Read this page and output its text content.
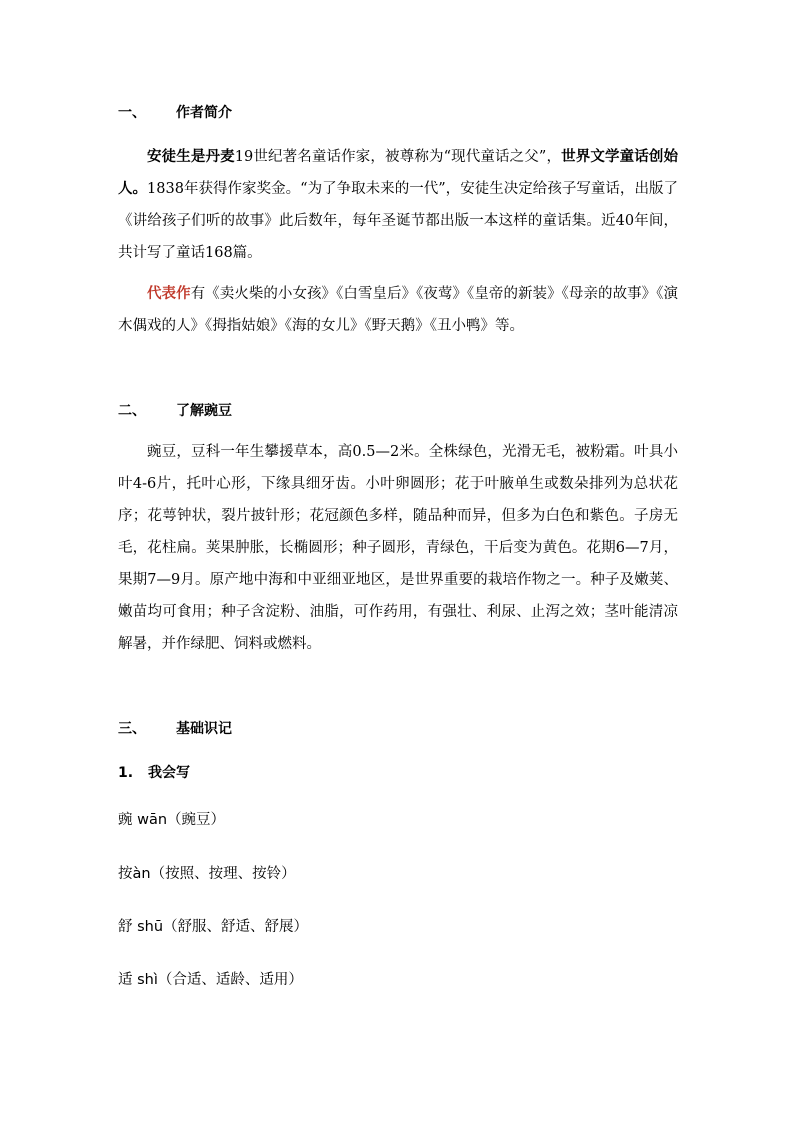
一、 作者简介
安徒生是丹麦19世纪著名童话作家，被尊称为“现代童话之父”，世界文学童话创始人。1838年获得作家奖金。“为了争取未来的一代”，安徒生决定给孩子写童话，出版了《讲给孩子们听的故事》此后数年，每年圣诞节都出版一本这样的童话集。近40年间，共计写了童话168篇。
代表作有《卖火柴的小女孩》《白雪皇后》《夜莺》《皇帝的新装》《母亲的故事》《演木偶戏的人》《拇指姑娘》《海的女儿》《野天鹅》《丑小鸭》等。
二、 了解豌豆
豌豆，豆科一年生攀援草本，高0.5—2米。全株绿色，光滑无毛，被粉霜。叶具小叶4-6片，托叶心形，下缘具细牙齿。小叶卵圆形；花于叶腋单生或数朵排列为总状花序；花萼钟状，裂片披针形；花冠颜色多样，随品种而异，但多为白色和紫色。子房无毛，花柱扁。荚果肿胀，长椭圆形；种子圆形，青绿色，干后变为黄色。花期6—7月，果期7—9月。原产地中海和中亚细亚地区，是世界重要的栽培作物之一。种子及嫩荚、嫩苗均可食用；种子含淀粉、油脂，可作药用，有强壮、利尿、止泻之效；茎叶能清凉解暑，并作绿肥、饲料或燃料。
三、 基础识记
1. 我会写
豌 wān（豌豆）
按àn（按照、按理、按铃）
舒 shū（舒服、舒适、舒展）
适 shì（合适、适龄、适用）
